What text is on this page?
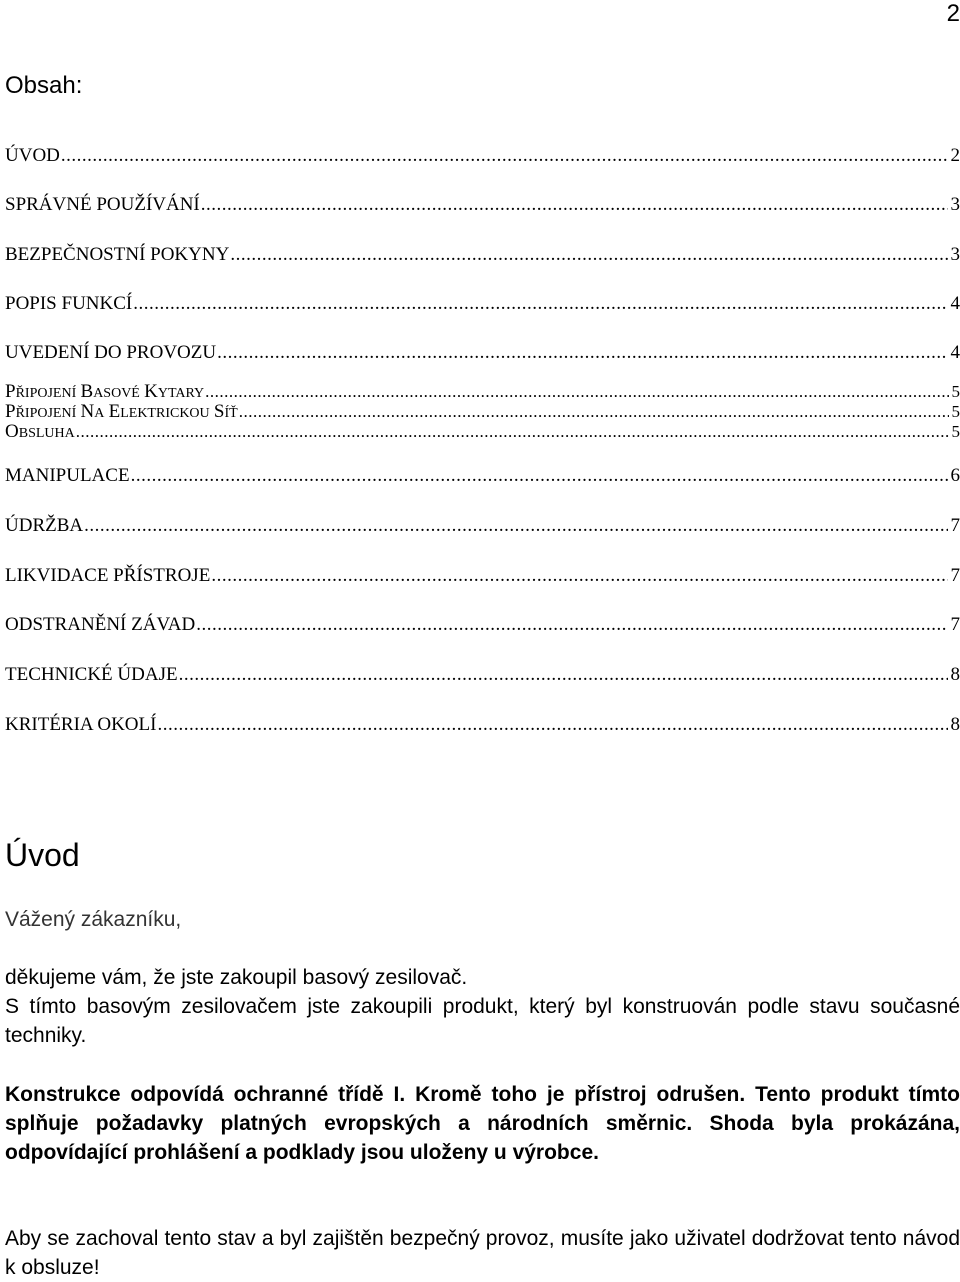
2
Obsah:
ÚVOD .....	2
SPRÁVNÉ POUŽÍVÁNÍ .....	3
BEZPEČNOSTNÍ POKYNY .....	3
POPIS FUNKCÍ .....	4
UVEDENÍ DO PROVOZU .....	4
PŘIPOJENÍ BASOVÉ KYTARY .....	5
PŘIPOJENÍ NA ELEKTRICKOU SÍŤ .....	5
OBSLUHA .....	5
MANIPULACE .....	6
ÚDRŽBA .....	7
LIKVIDACE PŘÍSTROJE .....	7
ODSTRANĚNÍ ZÁVAD .....	7
TECHNICKÉ ÚDAJE .....	8
KRITÉRIA OKOLÍ .....	8
Úvod

Vážený zákazníku,

děkujeme vám, že jste zakoupil basový zesilovač.

S tímto basovým zesilovačem jste zakoupili produkt, který byl konstruován podle stavu současné techniky.

Konstrukce odpovídá ochranné třídě I. Kromě toho je přístroj odrušen. Tento produkt tímto splňuje požadavky platných evropských a národních směrnic. Shoda byla prokázána, odpovídající prohlášení a podklady jsou uloženy u výrobce.

Aby se zachoval tento stav a byl zajištěn bezpečný provoz, musíte jako uživatel dodržovat tento návod k obsluze!
